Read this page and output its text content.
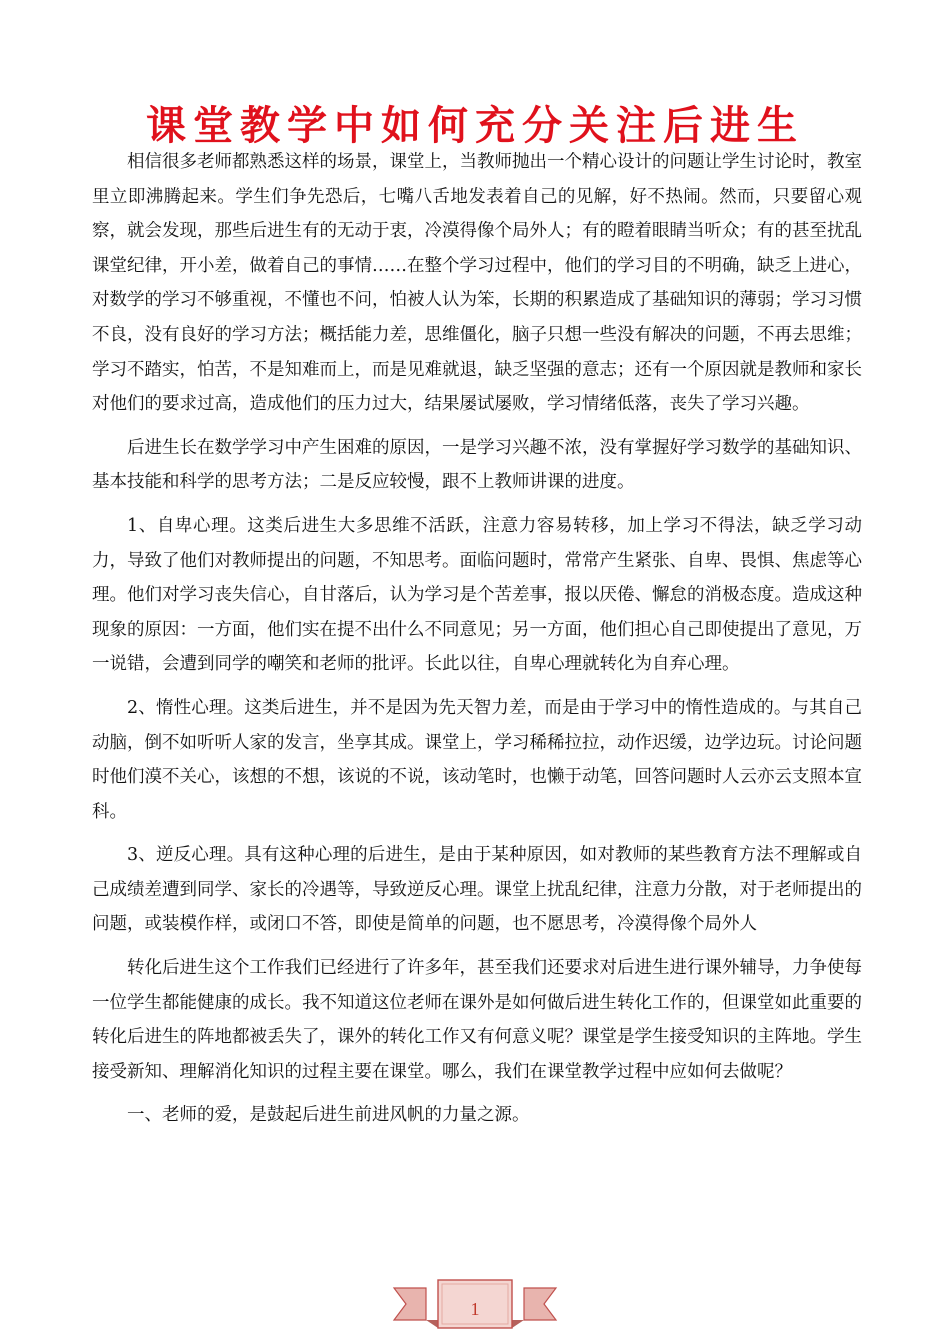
课堂教学中如何充分关注后进生

相信很多老师都熟悉这样的场景，课堂上，当教师抛出一个精心设计的问题让学生讨论时，教室里立即沸腾起来。学生们争先恐后，七嘴八舌地发表着自己的见解，好不热闹。然而，只要留心观察，就会发现，那些后进生有的无动于衷，冷漠得像个局外人；有的瞪着眼睛当听众；有的甚至扰乱课堂纪律，开小差，做着自己的事情……在整个学习过程中，他们的学习目的不明确，缺乏上进心，对数学的学习不够重视，不懂也不问，怕被人认为笨，长期的积累造成了基础知识的薄弱；学习习惯不良，没有良好的学习方法；概括能力差，思维僵化，脑子只想一些没有解决的问题，不再去思维；学习不踏实，怕苦，不是知难而上，而是见难就退，缺乏坚强的意志；还有一个原因就是教师和家长对他们的要求过高，造成他们的压力过大，结果屡试屡败，学习情绪低落，丧失了学习兴趣。

后进生长在数学学习中产生困难的原因，一是学习兴趣不浓，没有掌握好学习数学的基础知识、基本技能和科学的思考方法；二是反应较慢，跟不上教师讲课的进度。

1、自卑心理。这类后进生大多思维不活跃，注意力容易转移，加上学习不得法，缺乏学习动力，导致了他们对教师提出的问题，不知思考。面临问题时，常常产生紧张、自卑、畏惧、焦虑等心理。他们对学习丧失信心，自甘落后，认为学习是个苦差事，报以厌倦、懈怠的消极态度。造成这种现象的原因：一方面，他们实在提不出什么不同意见；另一方面，他们担心自己即使提出了意见，万一说错，会遭到同学的嘲笑和老师的批评。长此以往，自卑心理就转化为自弃心理。

2、惰性心理。这类后进生，并不是因为先天智力差，而是由于学习中的惰性造成的。与其自己动脑，倒不如听听人家的发言，坐享其成。课堂上，学习稀稀拉拉，动作迟缓，边学边玩。讨论问题时他们漠不关心，该想的不想，该说的不说，该动笔时，也懒于动笔，回答问题时人云亦云支照本宣科。

3、逆反心理。具有这种心理的后进生，是由于某种原因，如对教师的某些教育方法不理解或自己成绩差遭到同学、家长的冷遇等，导致逆反心理。课堂上扰乱纪律，注意力分散，对于老师提出的问题，或装模作样，或闭口不答，即使是简单的问题，也不愿思考，冷漠得像个局外人

转化后进生这个工作我们已经进行了许多年，甚至我们还要求对后进生进行课外辅导，力争使每一位学生都能健康的成长。我不知道这位老师在课外是如何做后进生转化工作的，但课堂如此重要的转化后进生的阵地都被丢失了，课外的转化工作又有何意义呢？课堂是学生接受知识的主阵地。学生接受新知、理解消化知识的过程主要在课堂。哪么，我们在课堂教学过程中应如何去做呢？

一、老师的爱，是鼓起后进生前进风帆的力量之源。

1
